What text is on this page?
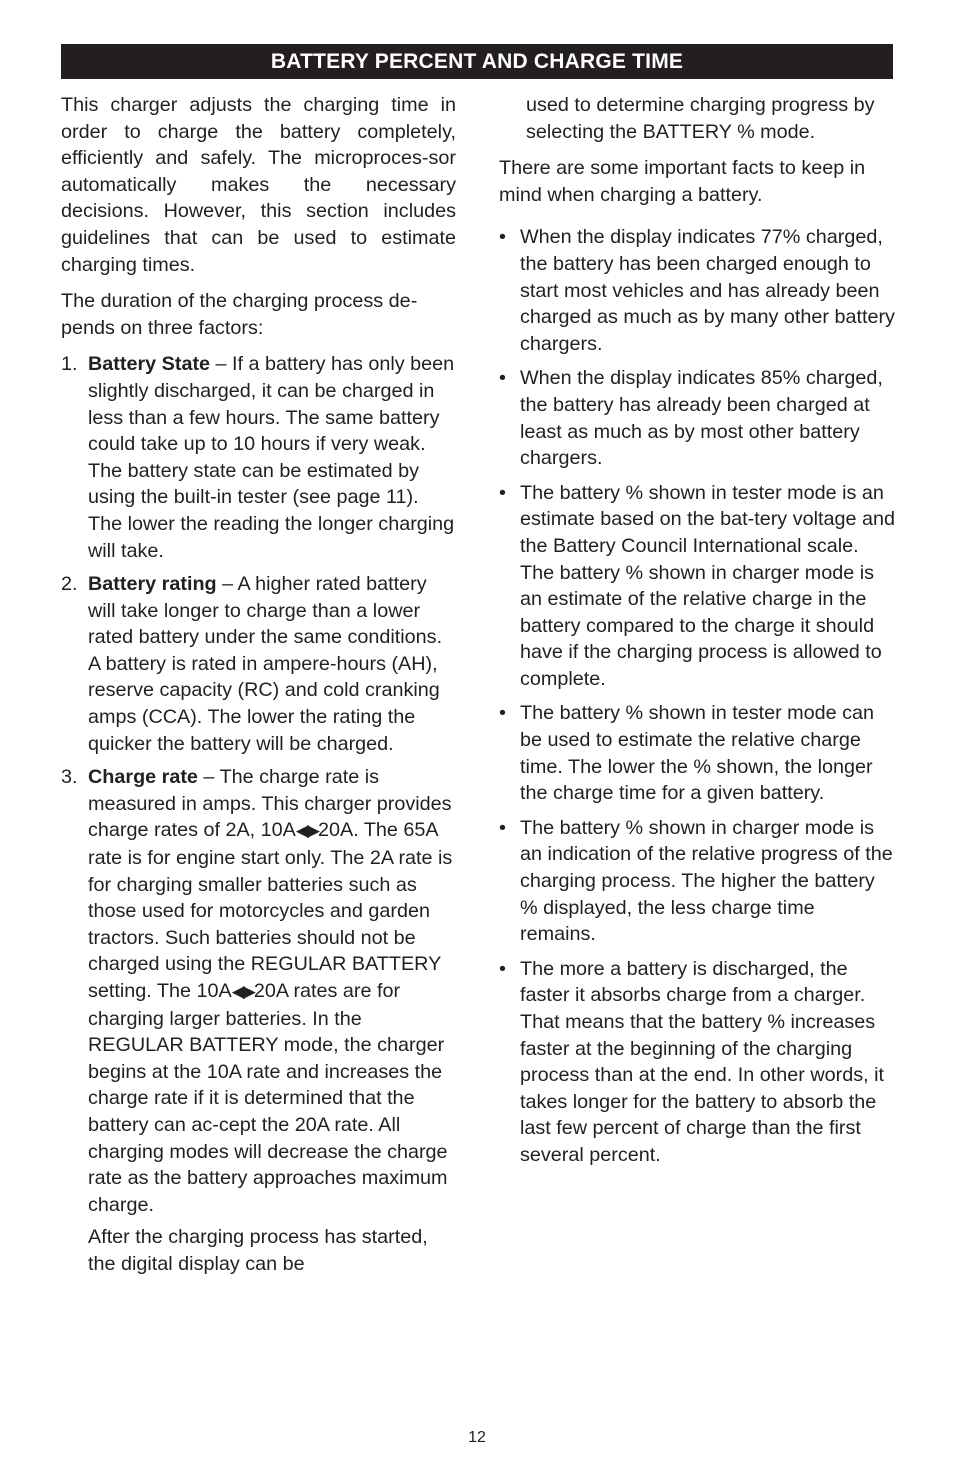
BATTERY PERCENT AND CHARGE TIME

This charger adjusts the charging time in order to charge the battery completely, efficiently and safely. The microproces-sor automatically makes the necessary decisions. However, this section includes guidelines that can be used to estimate charging times.

The duration of the charging process de-pends on three factors:

1. Battery State – If a battery has only been slightly discharged, it can be charged in less than a few hours. The same battery could take up to 10 hours if very weak. The battery state can be estimated by using the built-in tester (see page 11). The lower the reading the longer charging will take.
2. Battery rating – A higher rated battery will take longer to charge than a lower rated battery under the same conditions. A battery is rated in ampere-hours (AH), reserve capacity (RC) and cold cranking amps (CCA). The lower the rating the quicker the battery will be charged.
3. Charge rate – The charge rate is measured in amps. This charger provides charge rates of 2A, 10A◀▶20A. The 65A rate is for engine start only. The 2A rate is for charging smaller batteries such as those used for motorcycles and garden tractors. Such batteries should not be charged using the REGULAR BATTERY setting. The 10A◀▶20A rates are for charging larger batteries. In the REGULAR BATTERY mode, the charger begins at the 10A rate and increases the charge rate if it is determined that the battery can ac-cept the 20A rate. All charging modes will decrease the charge rate as the battery approaches maximum charge.
After the charging process has started, the digital display can be

used to determine charging progress by selecting the BATTERY % mode.

There are some important facts to keep in mind when charging a battery.

• When the display indicates 77% charged, the battery has been charged enough to start most vehicles and has already been charged as much as by many other battery chargers.
• When the display indicates 85% charged, the battery has already been charged at least as much as by most other battery chargers.
• The battery % shown in tester mode is an estimate based on the bat-tery voltage and the Battery Council International scale. The battery % shown in charger mode is an estimate of the relative charge in the battery compared to the charge it should have if the charging process is allowed to complete.
• The battery % shown in tester mode can be used to estimate the relative charge time. The lower the % shown, the longer the charge time for a given battery.
• The battery % shown in charger mode is an indication of the relative progress of the charging process. The higher the battery % displayed, the less charge time remains.
• The more a battery is discharged, the faster it absorbs charge from a charger. That means that the battery % increases faster at the beginning of the charging process than at the end. In other words, it takes longer for the battery to absorb the last few percent of charge than the first several percent.
12
